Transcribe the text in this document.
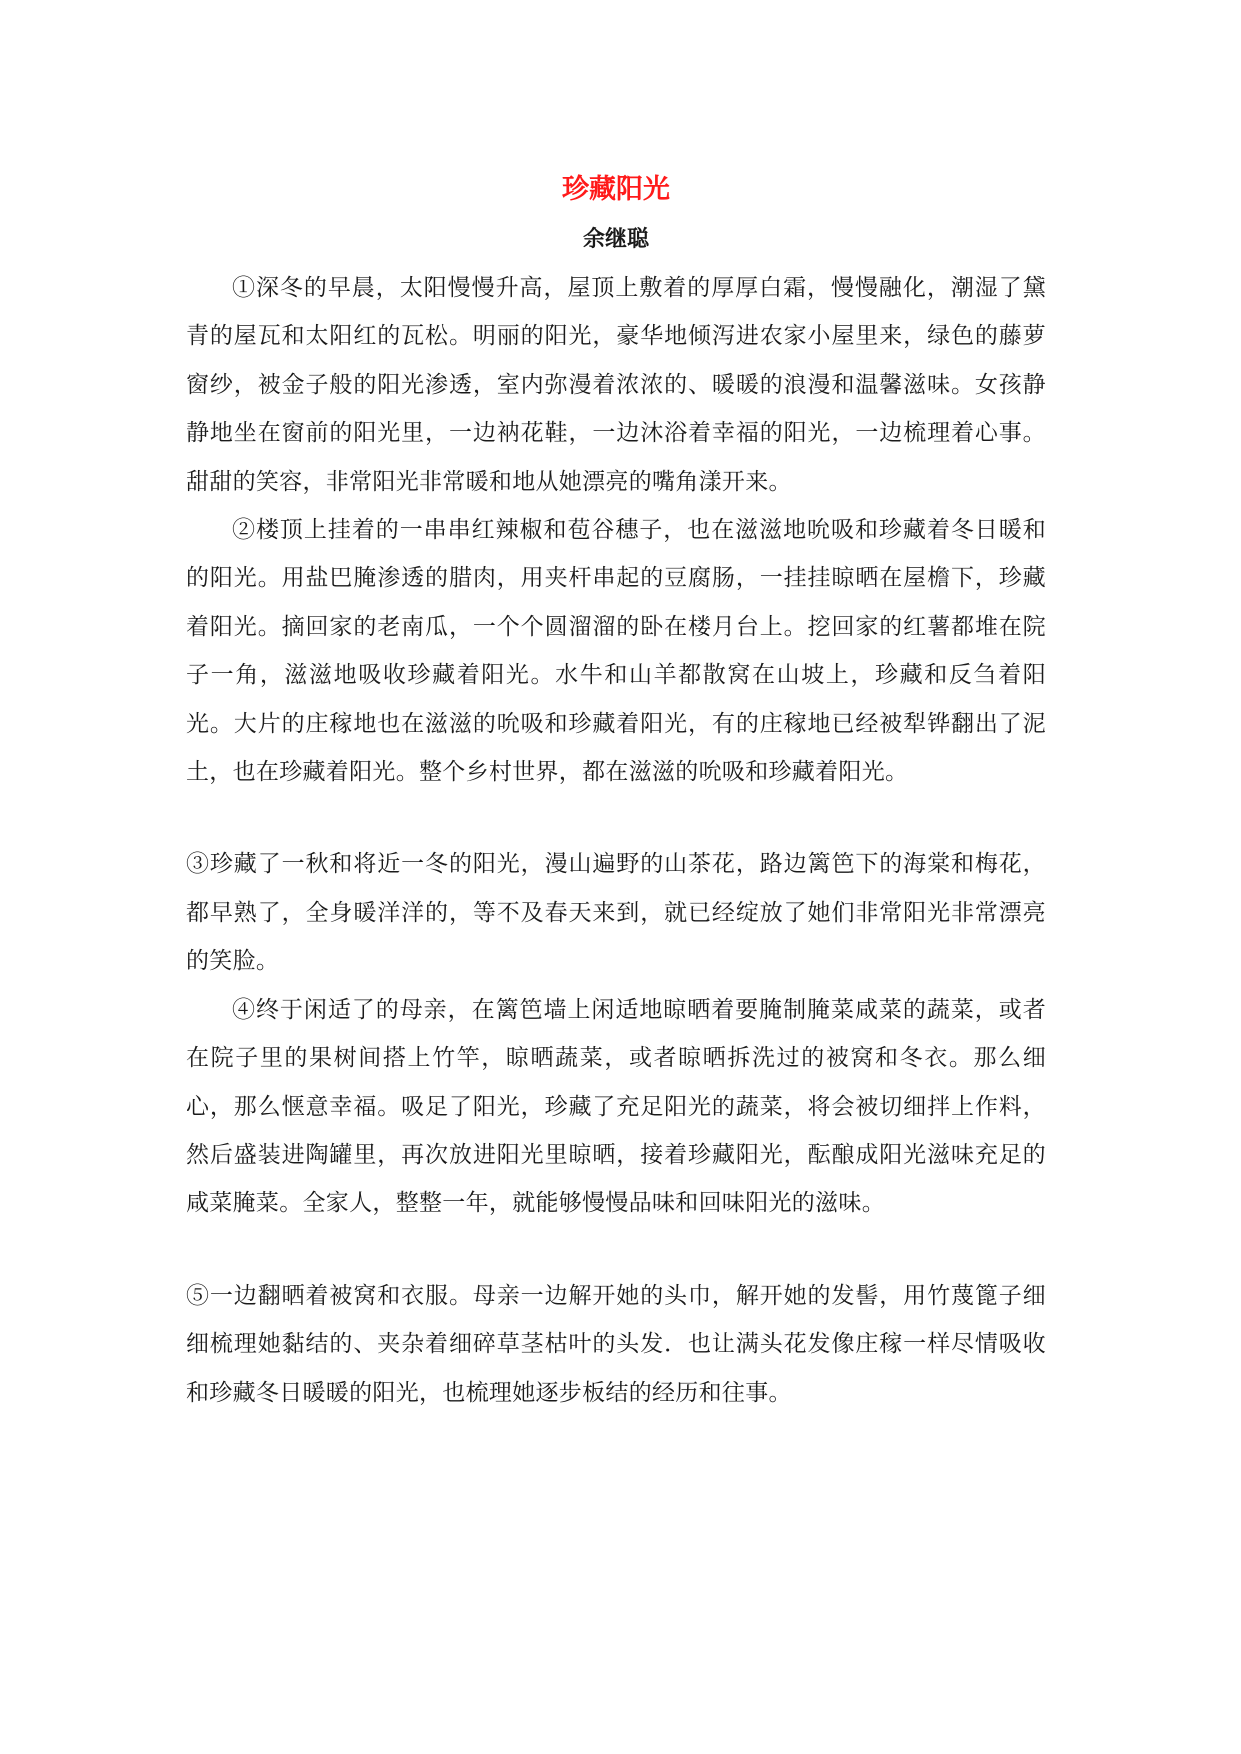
珍藏阳光
余继聪

①深冬的早晨，太阳慢慢升高，屋顶上敷着的厚厚白霜，慢慢融化，潮湿了黛青的屋瓦和太阳红的瓦松。明丽的阳光，豪华地倾泻进农家小屋里来，绿色的藤萝窗纱，被金子般的阳光渗透，室内弥漫着浓浓的、暖暖的浪漫和温馨滋味。女孩静静地坐在窗前的阳光里，一边衲花鞋，一边沐浴着幸福的阳光，一边梳理着心事。甜甜的笑容，非常阳光非常暖和地从她漂亮的嘴角漾开来。

②楼顶上挂着的一串串红辣椒和苞谷穗子，也在滋滋地吮吸和珍藏着冬日暖和的阳光。用盐巴腌渗透的腊肉，用夹杆串起的豆腐肠，一挂挂晾晒在屋檐下，珍藏着阳光。摘回家的老南瓜，一个个圆溜溜的卧在楼月台上。挖回家的红薯都堆在院子一角，滋滋地吸收珍藏着阳光。水牛和山羊都散窝在山坡上，珍藏和反刍着阳光。大片的庄稼地也在滋滋的吮吸和珍藏着阳光，有的庄稼地已经被犁铧翻出了泥土，也在珍藏着阳光。整个乡村世界，都在滋滋的吮吸和珍藏着阳光。

③珍藏了一秋和将近一冬的阳光，漫山遍野的山茶花，路边篱笆下的海棠和梅花，都早熟了，全身暖洋洋的，等不及春天来到，就已经绽放了她们非常阳光非常漂亮的笑脸。

④终于闲适了的母亲，在篱笆墙上闲适地晾晒着要腌制腌菜咸菜的蔬菜，或者在院子里的果树间搭上竹竿，晾晒蔬菜，或者晾晒拆洗过的被窝和冬衣。那么细心，那么惬意幸福。吸足了阳光，珍藏了充足阳光的蔬菜，将会被切细拌上作料，然后盛装进陶罐里，再次放进阳光里晾晒，接着珍藏阳光，酝酿成阳光滋味充足的咸菜腌菜。全家人，整整一年，就能够慢慢品味和回味阳光的滋味。

⑤一边翻晒着被窝和衣服。母亲一边解开她的头巾，解开她的发髻，用竹蔑篦子细细梳理她黏结的、夹杂着细碎草茎枯叶的头发．也让满头花发像庄稼一样尽情吸收和珍藏冬日暖暖的阳光，也梳理她逐步板结的经历和往事。
